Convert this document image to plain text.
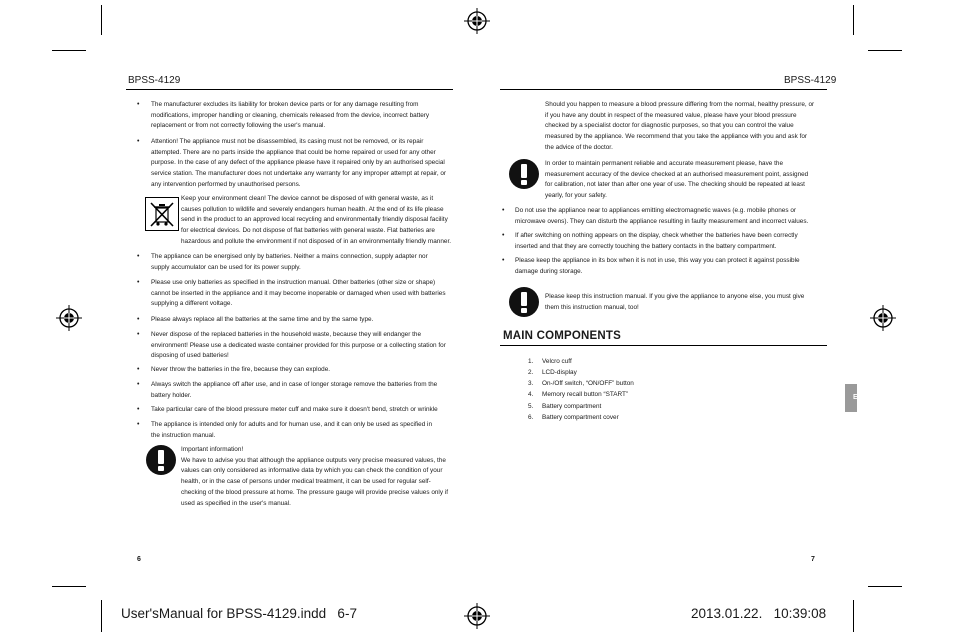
BPSS-4129	BPSS-4129
• The manufacturer excludes its liability for broken device parts or for any damage resulting from modifications, improper handling or cleaning, chemicals released from the device, incorrect battery replacement or from not correctly following the user's manual.
• Attention! The appliance must not be disassembled, its casing must not be removed, or its repair attempted. There are no parts inside the appliance that could be home repaired or used for any other purpose. In the case of any defect of the appliance please have it repaired only by an authorised special service station. The manufacturer does not undertake any warranty for any improper attempt at repair, or any intervention performed by unauthorised persons.
Keep your environment clean! The device cannot be disposed of with general waste, as it causes pollution to wildlife and severely endangers human health. At the end of its life please send in the product to an approved local recycling and environmentally friendly disposal facility for electrical devices. Do not dispose of flat batteries with general waste. Flat batteries are hazardous and pollute the environment if not disposed of in an environmentally friendly manner.
• The appliance can be energised only by batteries. Neither a mains connection, supply adapter nor supply accumulator can be used for its power supply.
• Please use only batteries as specified in the instruction manual. Other batteries (other size or shape) cannot be inserted in the appliance and it may become inoperable or damaged when used with batteries supplying a different voltage.
• Please always replace all the batteries at the same time and by the same type.
• Never dispose of the replaced batteries in the household waste, because they will endanger the environment! Please use a dedicated waste container provided for this purpose or a collecting station for disposing of used batteries!
• Never throw the batteries in the fire, because they can explode.
• Always switch the appliance off after use, and in case of longer storage remove the batteries from the battery holder.
• Take particular care of the blood pressure meter cuff and make sure it doesn't bend, stretch or wrinkle
• The appliance is intended only for adults and for human use, and it can only be used as specified in the instruction manual.
Important information!
We have to advise you that although the appliance outputs very precise measured values, the values can only considered as informative data by which you can check the condition of your health, or in the case of persons under medical treatment, it can be used for regular self-checking of the blood pressure at home. The pressure gauge will provide precise values only if used as specified in the user's manual.
6
Should you happen to measure a blood pressure differing from the normal, healthy pressure, or if you have any doubt in respect of the measured value, please have your blood pressure checked by a specialist doctor for diagnostic purposes, so that you can control the value measured by the appliance. We recommend that you take the appliance with you and ask for the advice of the doctor.
In order to maintain permanent reliable and accurate measurement please, have the measurement accuracy of the device checked at an authorised measurement point, assigned for calibration, not later than after one year of use. The checking should be repeated at least yearly, for your safety.
• Do not use the appliance near to appliances emitting electromagnetic waves (e.g. mobile phones or microwave ovens). They can disturb the appliance resulting in faulty measurement and incorrect values.
• If after switching on nothing appears on the display, check whether the batteries have been correctly inserted and that they are correctly touching the battery contacts in the battery compartment.
• Please keep the appliance in its box when it is not in use, this way you can protect it against possible damage during storage.
Please keep this instruction manual. If you give the appliance to anyone else, you must give them this instruction manual, too!
MAIN COMPONENTS
1. Velcro cuff
2. LCD-display
3. On-/Off switch, “ON/OFF” button
4. Memory recall button “START”
5. Battery compartment
6. Battery compartment cover
7
EN
User'sManual for BPSS-4129.indd   6-7	2013.01.22.   10:39:08
